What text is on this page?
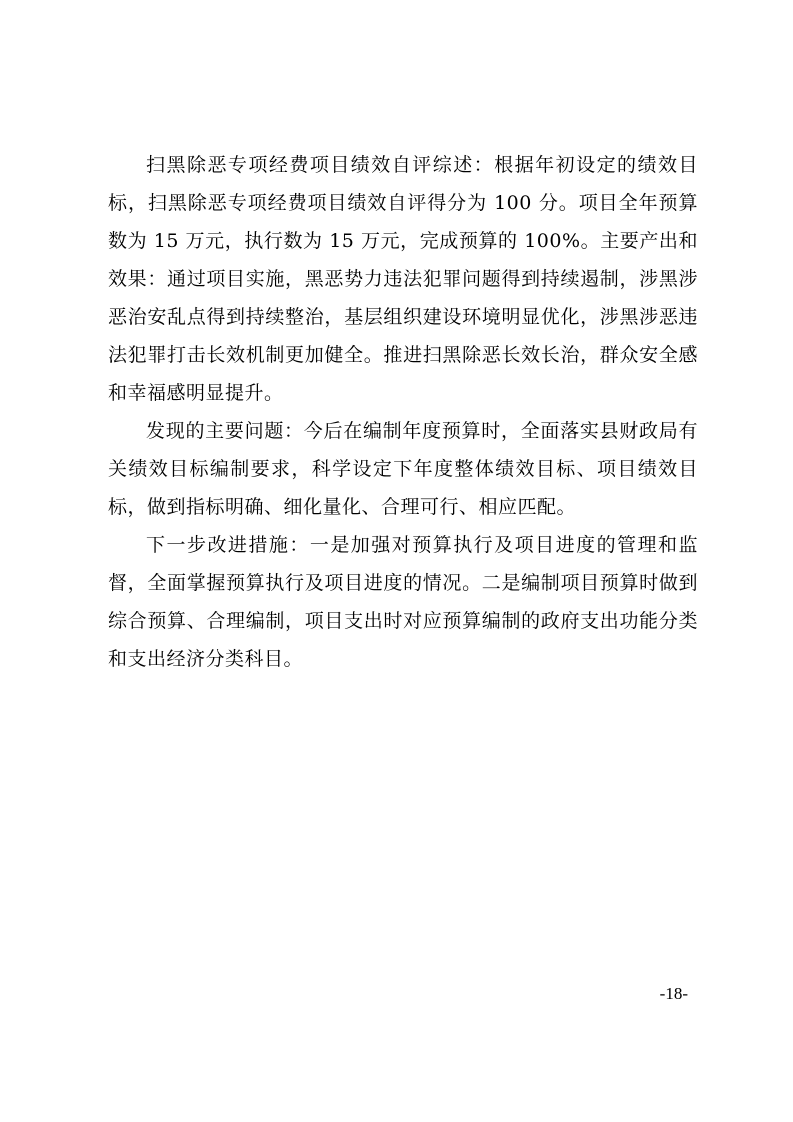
扫黑除恶专项经费项目绩效自评综述：根据年初设定的绩效目标，扫黑除恶专项经费项目绩效自评得分为 100 分。项目全年预算数为 15 万元，执行数为 15 万元，完成预算的 100%。主要产出和效果：通过项目实施，黑恶势力违法犯罪问题得到持续遏制，涉黑涉恶治安乱点得到持续整治，基层组织建设环境明显优化，涉黑涉恶违法犯罪打击长效机制更加健全。推进扫黑除恶长效长治，群众安全感和幸福感明显提升。

发现的主要问题：今后在编制年度预算时，全面落实县财政局有关绩效目标编制要求，科学设定下年度整体绩效目标、项目绩效目标，做到指标明确、细化量化、合理可行、相应匹配。

下一步改进措施：一是加强对预算执行及项目进度的管理和监督，全面掌握预算执行及项目进度的情况。二是编制项目预算时做到综合预算、合理编制，项目支出时对应预算编制的政府支出功能分类和支出经济分类科目。

-18-
